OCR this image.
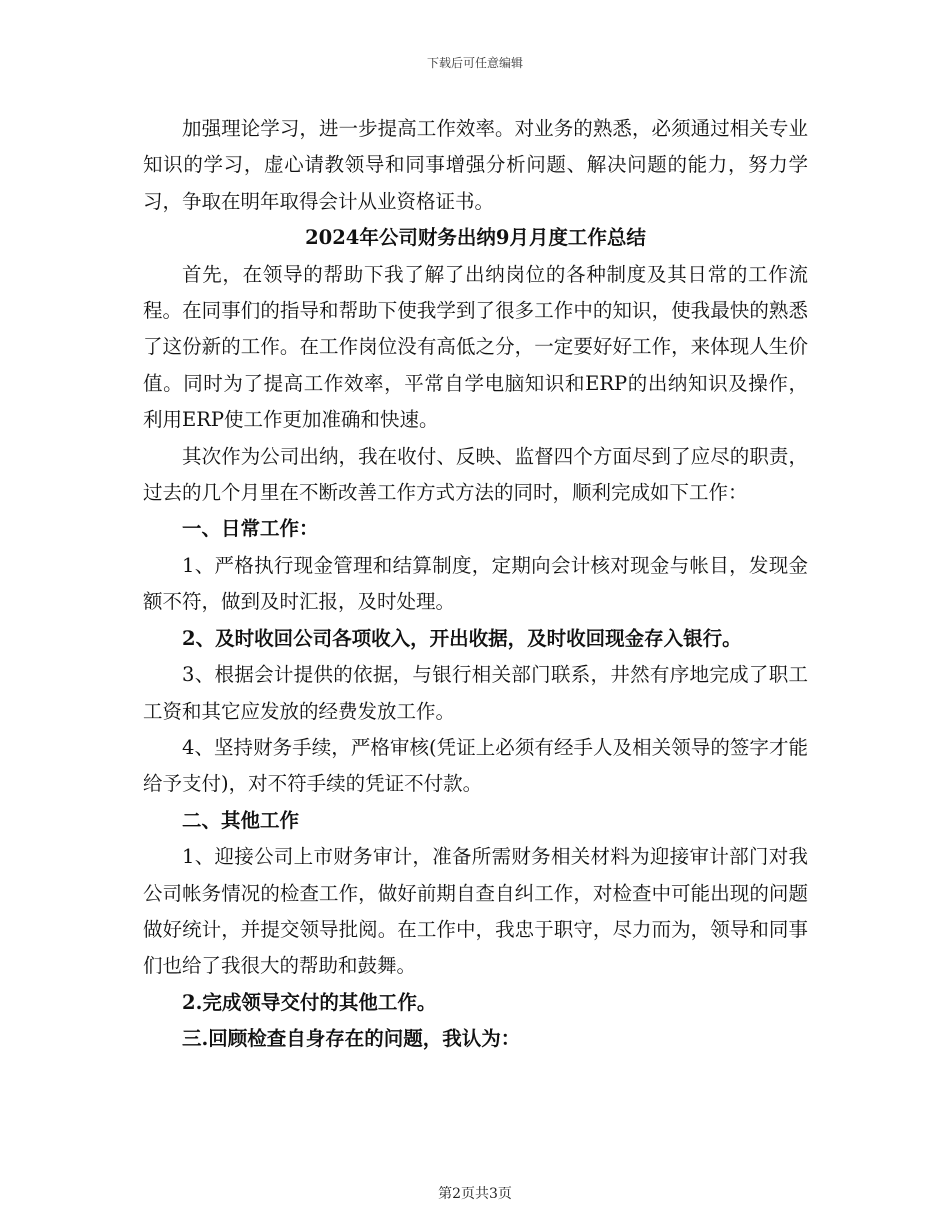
下载后可任意编辑

加强理论学习，进一步提高工作效率。对业务的熟悉，必须通过相关专业知识的学习，虚心请教领导和同事增强分析问题、解决问题的能力，努力学习，争取在明年取得会计从业资格证书。

2024年公司财务出纳9月月度工作总结

首先，在领导的帮助下我了解了出纳岗位的各种制度及其日常的工作流程。在同事们的指导和帮助下使我学到了很多工作中的知识，使我最快的熟悉了这份新的工作。在工作岗位没有高低之分，一定要好好工作，来体现人生价值。同时为了提高工作效率，平常自学电脑知识和ERP的出纳知识及操作，利用ERP使工作更加准确和快速。

其次作为公司出纳，我在收付、反映、监督四个方面尽到了应尽的职责，过去的几个月里在不断改善工作方式方法的同时，顺利完成如下工作：

一、日常工作：

1、严格执行现金管理和结算制度，定期向会计核对现金与帐目，发现金额不符，做到及时汇报，及时处理。

2、及时收回公司各项收入，开出收据，及时收回现金存入银行。

3、根据会计提供的依据，与银行相关部门联系，井然有序地完成了职工工资和其它应发放的经费发放工作。

4、坚持财务手续，严格审核(凭证上必须有经手人及相关领导的签字才能给予支付)，对不符手续的凭证不付款。

二、其他工作

1、迎接公司上市财务审计，准备所需财务相关材料为迎接审计部门对我公司帐务情况的检查工作，做好前期自查自纠工作，对检查中可能出现的问题做好统计，并提交领导批阅。在工作中，我忠于职守，尽力而为，领导和同事们也给了我很大的帮助和鼓舞。

2.完成领导交付的其他工作。

三.回顾检查自身存在的问题，我认为：

第2页共3页
